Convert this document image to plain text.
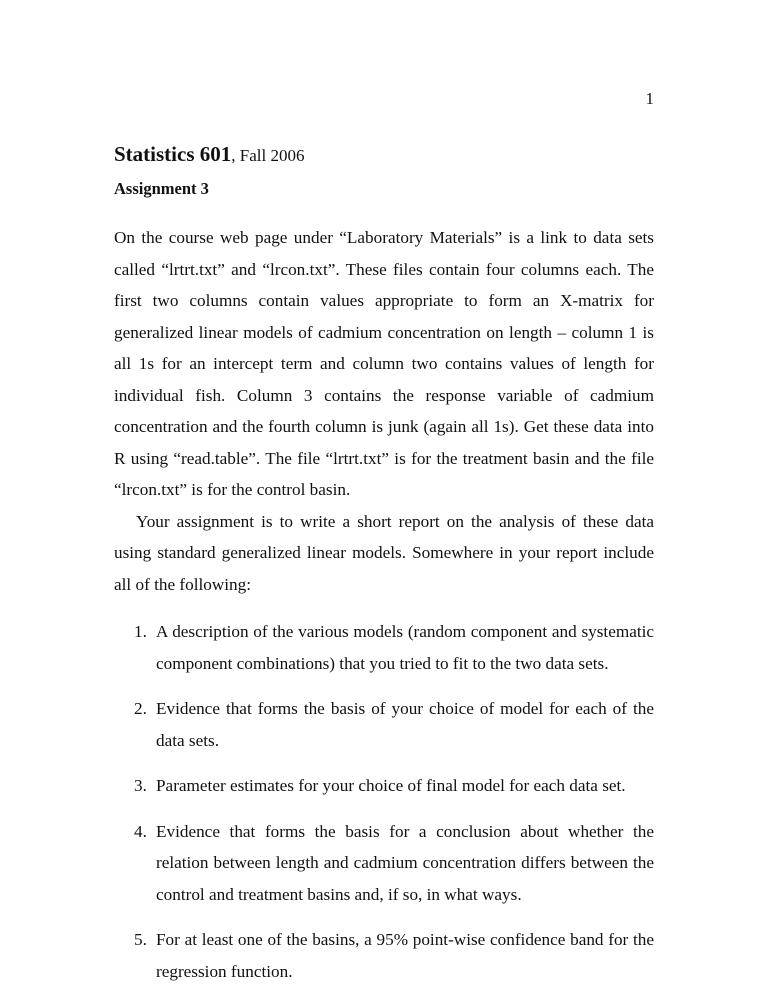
1
Statistics 601, Fall 2006
Assignment 3

On the course web page under “Laboratory Materials” is a link to data sets called “lrtrt.txt” and “lrcon.txt”. These files contain four columns each. The first two columns contain values appropriate to form an X-matrix for generalized linear models of cadmium concentration on length – column 1 is all 1s for an intercept term and column two contains values of length for individual fish. Column 3 contains the response variable of cadmium concentration and the fourth column is junk (again all 1s). Get these data into R using “read.table”. The file “lrtrt.txt” is for the treatment basin and the file “lrcon.txt” is for the control basin.

Your assignment is to write a short report on the analysis of these data using standard generalized linear models. Somewhere in your report include all of the following:

1. A description of the various models (random component and systematic component combinations) that you tried to fit to the two data sets.
2. Evidence that forms the basis of your choice of model for each of the data sets.
3. Parameter estimates for your choice of final model for each data set.
4. Evidence that forms the basis for a conclusion about whether the relation between length and cadmium concentration differs between the control and treatment basins and, if so, in what ways.
5. For at least one of the basins, a 95% point-wise confidence band for the regression function.
